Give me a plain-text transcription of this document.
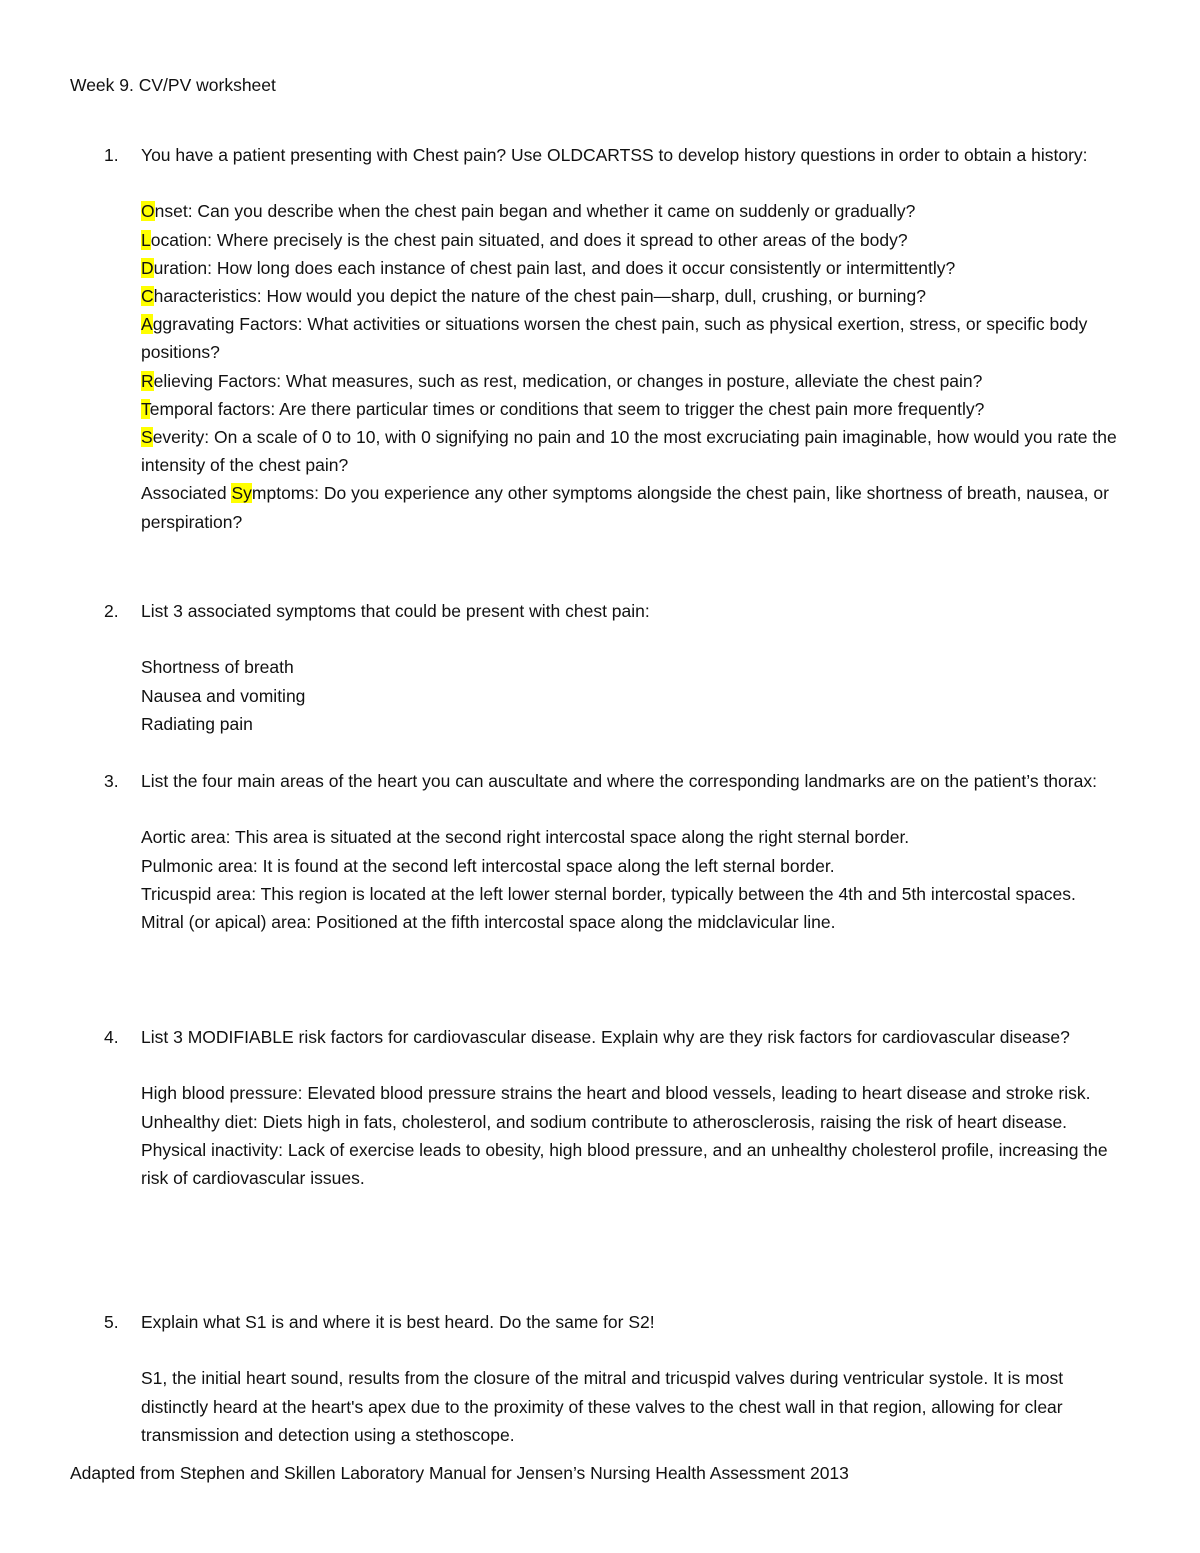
Week 9. CV/PV worksheet
1.	You have a patient presenting with Chest pain? Use OLDCARTSS to develop history questions in order to obtain a history:

Onset: Can you describe when the chest pain began and whether it came on suddenly or gradually?

Location: Where precisely is the chest pain situated, and does it spread to other areas of the body?

Duration: How long does each instance of chest pain last, and does it occur consistently or intermittently?

Characteristics: How would you depict the nature of the chest pain—sharp, dull, crushing, or burning?

Aggravating Factors: What activities or situations worsen the chest pain, such as physical exertion, stress, or specific body positions?

Relieving Factors: What measures, such as rest, medication, or changes in posture, alleviate the chest pain?

Temporal factors: Are there particular times or conditions that seem to trigger the chest pain more frequently?

Severity: On a scale of 0 to 10, with 0 signifying no pain and 10 the most excruciating pain imaginable, how would you rate the intensity of the chest pain?

Associated Symptoms: Do you experience any other symptoms alongside the chest pain, like shortness of breath, nausea, or perspiration?

2.	List 3 associated symptoms that could be present with chest pain:

Shortness of breath

Nausea and vomiting

Radiating pain

3.	List the four main areas of the heart you can auscultate and where the corresponding landmarks are on the patient’s thorax:

Aortic area: This area is situated at the second right intercostal space along the right sternal border.

Pulmonic area: It is found at the second left intercostal space along the left sternal border.

Tricuspid area: This region is located at the left lower sternal border, typically between the 4th and 5th intercostal spaces.

Mitral (or apical) area: Positioned at the fifth intercostal space along the midclavicular line.

4.	List 3 MODIFIABLE risk factors for cardiovascular disease. Explain why are they risk factors for cardiovascular disease?

High blood pressure: Elevated blood pressure strains the heart and blood vessels, leading to heart disease and stroke risk.

Unhealthy diet: Diets high in fats, cholesterol, and sodium contribute to atherosclerosis, raising the risk of heart disease.

Physical inactivity: Lack of exercise leads to obesity, high blood pressure, and an unhealthy cholesterol profile, increasing the risk of cardiovascular issues.

5.	Explain what S1 is and where it is best heard. Do the same for S2!

S1, the initial heart sound, results from the closure of the mitral and tricuspid valves during ventricular systole. It is most distinctly heard at the heart's apex due to the proximity of these valves to the chest wall in that region, allowing for clear transmission and detection using a stethoscope.

Adapted from Stephen and Skillen Laboratory Manual for Jensen’s Nursing Health Assessment 2013
